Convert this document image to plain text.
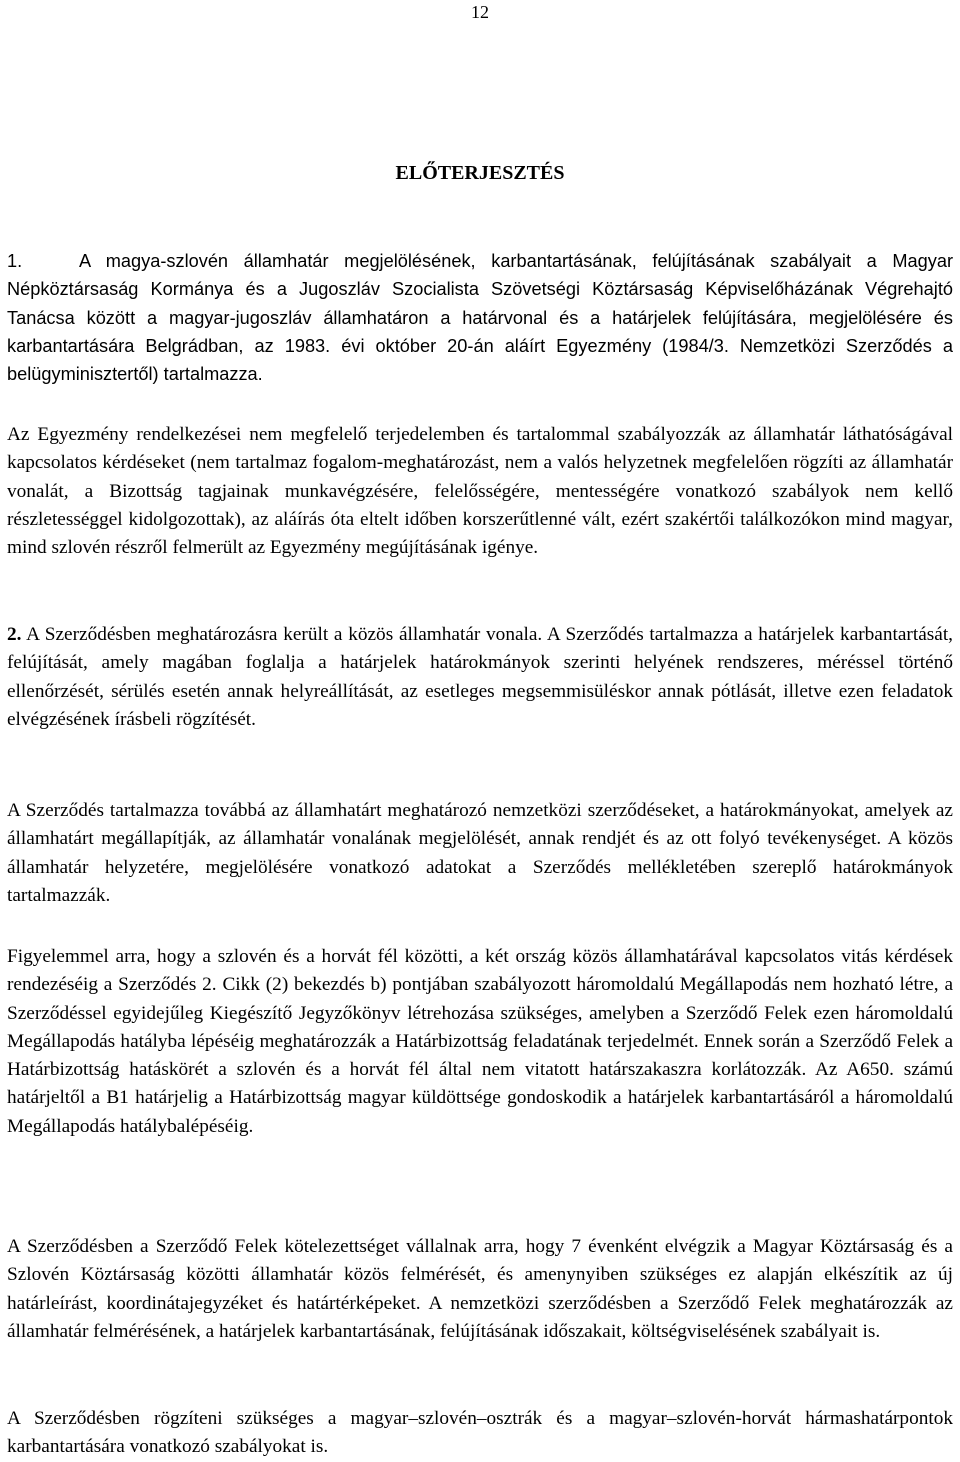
12
ELŐTERJESZTÉS

1.	A magya-szlovén államhatár megjelölésének, karbantartásának, felújításának szabályait a Magyar Népköztársaság Kormánya és a Jugoszláv Szocialista Szövetségi Köztársaság Képviselőházának Végrehajtó Tanácsa között a magyar-jugoszláv államhatáron a határvonal és a határjelek felújítására, megjelölésére és karbantartására Belgrádban, az 1983. évi október 20-án aláírt Egyezmény (1984/3. Nemzetközi Szerződés a belügyminisztertől) tartalmazza.

Az Egyezmény rendelkezései nem megfelelő terjedelemben és tartalommal szabályozzák az államhatár láthatóságával kapcsolatos kérdéseket (nem tartalmaz fogalom-meghatározást, nem a valós helyzetnek megfelelően rögzíti az államhatár vonalát, a Bizottság tagjainak munkavégzésére, felelősségére, mentességére vonatkozó szabályok nem kellő részletességgel kidolgozottak), az aláírás óta eltelt időben korszerűtlenné vált, ezért szakértői találkozókon mind magyar, mind szlovén részről felmerült az Egyezmény megújításának igénye.

2. A Szerződésben meghatározásra került a közös államhatár vonala. A Szerződés tartalmazza a határjelek karbantartását, felújítását, amely magában foglalja a határjelek határokmányok szerinti helyének rendszeres, méréssel történő ellenőrzését, sérülés esetén annak helyreállítását, az esetleges megsemmisüléskor annak pótlását, illetve ezen feladatok elvégzésének írásbeli rögzítését.

A Szerződés tartalmazza továbbá az államhatárt meghatározó nemzetközi szerződéseket, a határokmányokat, amelyek az államhatárt megállapítják, az államhatár vonalának megjelölését, annak rendjét és az ott folyó tevékenységet. A közös államhatár helyzetére, megjelölésére vonatkozó adatokat a Szerződés mellékletében szereplő határokmányok tartalmazzák.

Figyelemmel arra, hogy a szlovén és a horvát fél közötti, a két ország közös államhatárával kapcsolatos vitás kérdések rendezéséig a Szerződés 2. Cikk (2) bekezdés b) pontjában szabályozott háromoldalú Megállapodás nem hozható létre, a Szerződéssel egyidejűleg Kiegészítő Jegyzőkönyv létrehozása szükséges, amelyben a Szerződő Felek ezen háromoldalú Megállapodás hatályba lépéséig meghatározzák a Határbizottság feladatának terjedelmét. Ennek során a Szerződő Felek a Határbizottság hatáskörét a szlovén és a horvát fél által nem vitatott határszakaszra korlátozzák. Az A650. számú határjeltől a B1 határjelig a Határbizottság magyar küldöttsége gondoskodik a határjelek karbantartásáról a háromoldalú Megállapodás hatálybalépéséig.

A Szerződésben a Szerződő Felek kötelezettséget vállalnak arra, hogy 7 évenként elvégzik a Magyar Köztársaság és a Szlovén Köztársaság közötti államhatár közös felmérését, és amenynyiben szükséges ez alapján elkészítik az új határleírást, koordinátajegyzéket és határtérképeket. A nemzetközi szerződésben a Szerződő Felek meghatározzák az államhatár felmérésének, a határjelek karbantartásának, felújításának időszakait, költségviselésének szabályait is.

A Szerződésben rögzíteni szükséges a magyar–szlovén–osztrák és a magyar–szlovén-horvát hármashatárpontok karbantartására vonatkozó szabályokat is.
